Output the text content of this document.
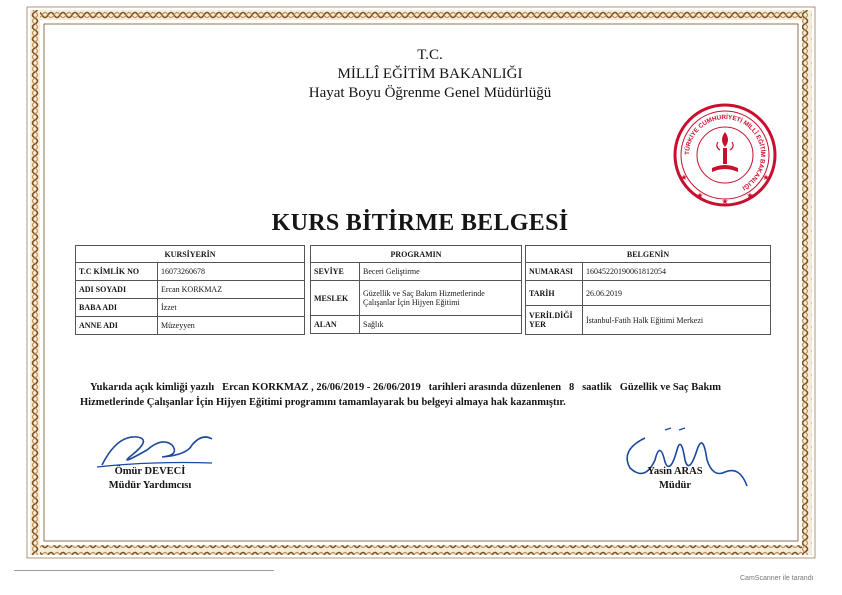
T.C.
MİLLÎ EĞİTİM BAKANLIĞI
Hayat Boyu Öğrenme Genel Müdürlüğü
TÜRKİYE CUMHURİYETİ MİLLÎ EĞİTİM BAKANLIĞI
★
★	★
★	★
KURS BİTİRME BELGESİ
KURSİYERİN	
T.C KİMLİK NO	16073260678
ADI SOYADI	Ercan KORKMAZ
BABA ADI	İzzet
ANNE ADI	Müzeyyen
PROGRAMIN	
SEVİYE	Beceri Geliştirme
MESLEK	Güzellik ve Saç Bakım Hizmetlerinde Çalışanlar İçin Hijyen Eğitimi
ALAN	Sağlık
BELGENİN	
NUMARASI	16045220190061812054
TARİH	26.06.2019
VERİLDİĞİ YER	İstanbul-Fatih Halk Eğitimi Merkezi
Yukarıda açık kimliği yazılı Ercan KORKMAZ , 26/06/2019 - 26/06/2019 tarihleri arasında düzenlenen 8 saatlik Güzellik ve Saç Bakım Hizmetlerinde Çalışanlar İçin Hijyen Eğitimi programını tamamlayarak bu belgeyi almaya hak kazanmıştır.
Ömür DEVECİ
Müdür Yardımcısı
Yasin ARAS
Müdür
CamScanner ile tarandı
